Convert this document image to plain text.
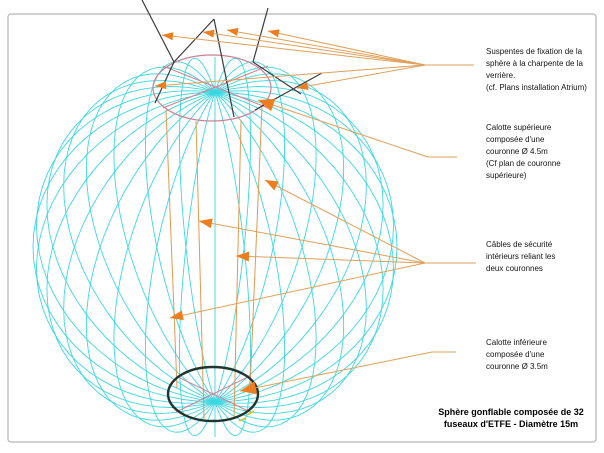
Suspentes de fixation de la
sphère à la charpente de la
verrière.
(cf. Plans installation Atrium)
Calotte supérieure
composée d'une
couronne Ø 4.5m
(Cf plan de couronne
supérieure)
Câbles de sécurité
intérieurs reliant les
deux couronnes
Calotte inférieure
composée d'une
couronne Ø 3.5m
Sphère gonflable composée de 32
fuseaux d'ETFE - Diamètre 15m
